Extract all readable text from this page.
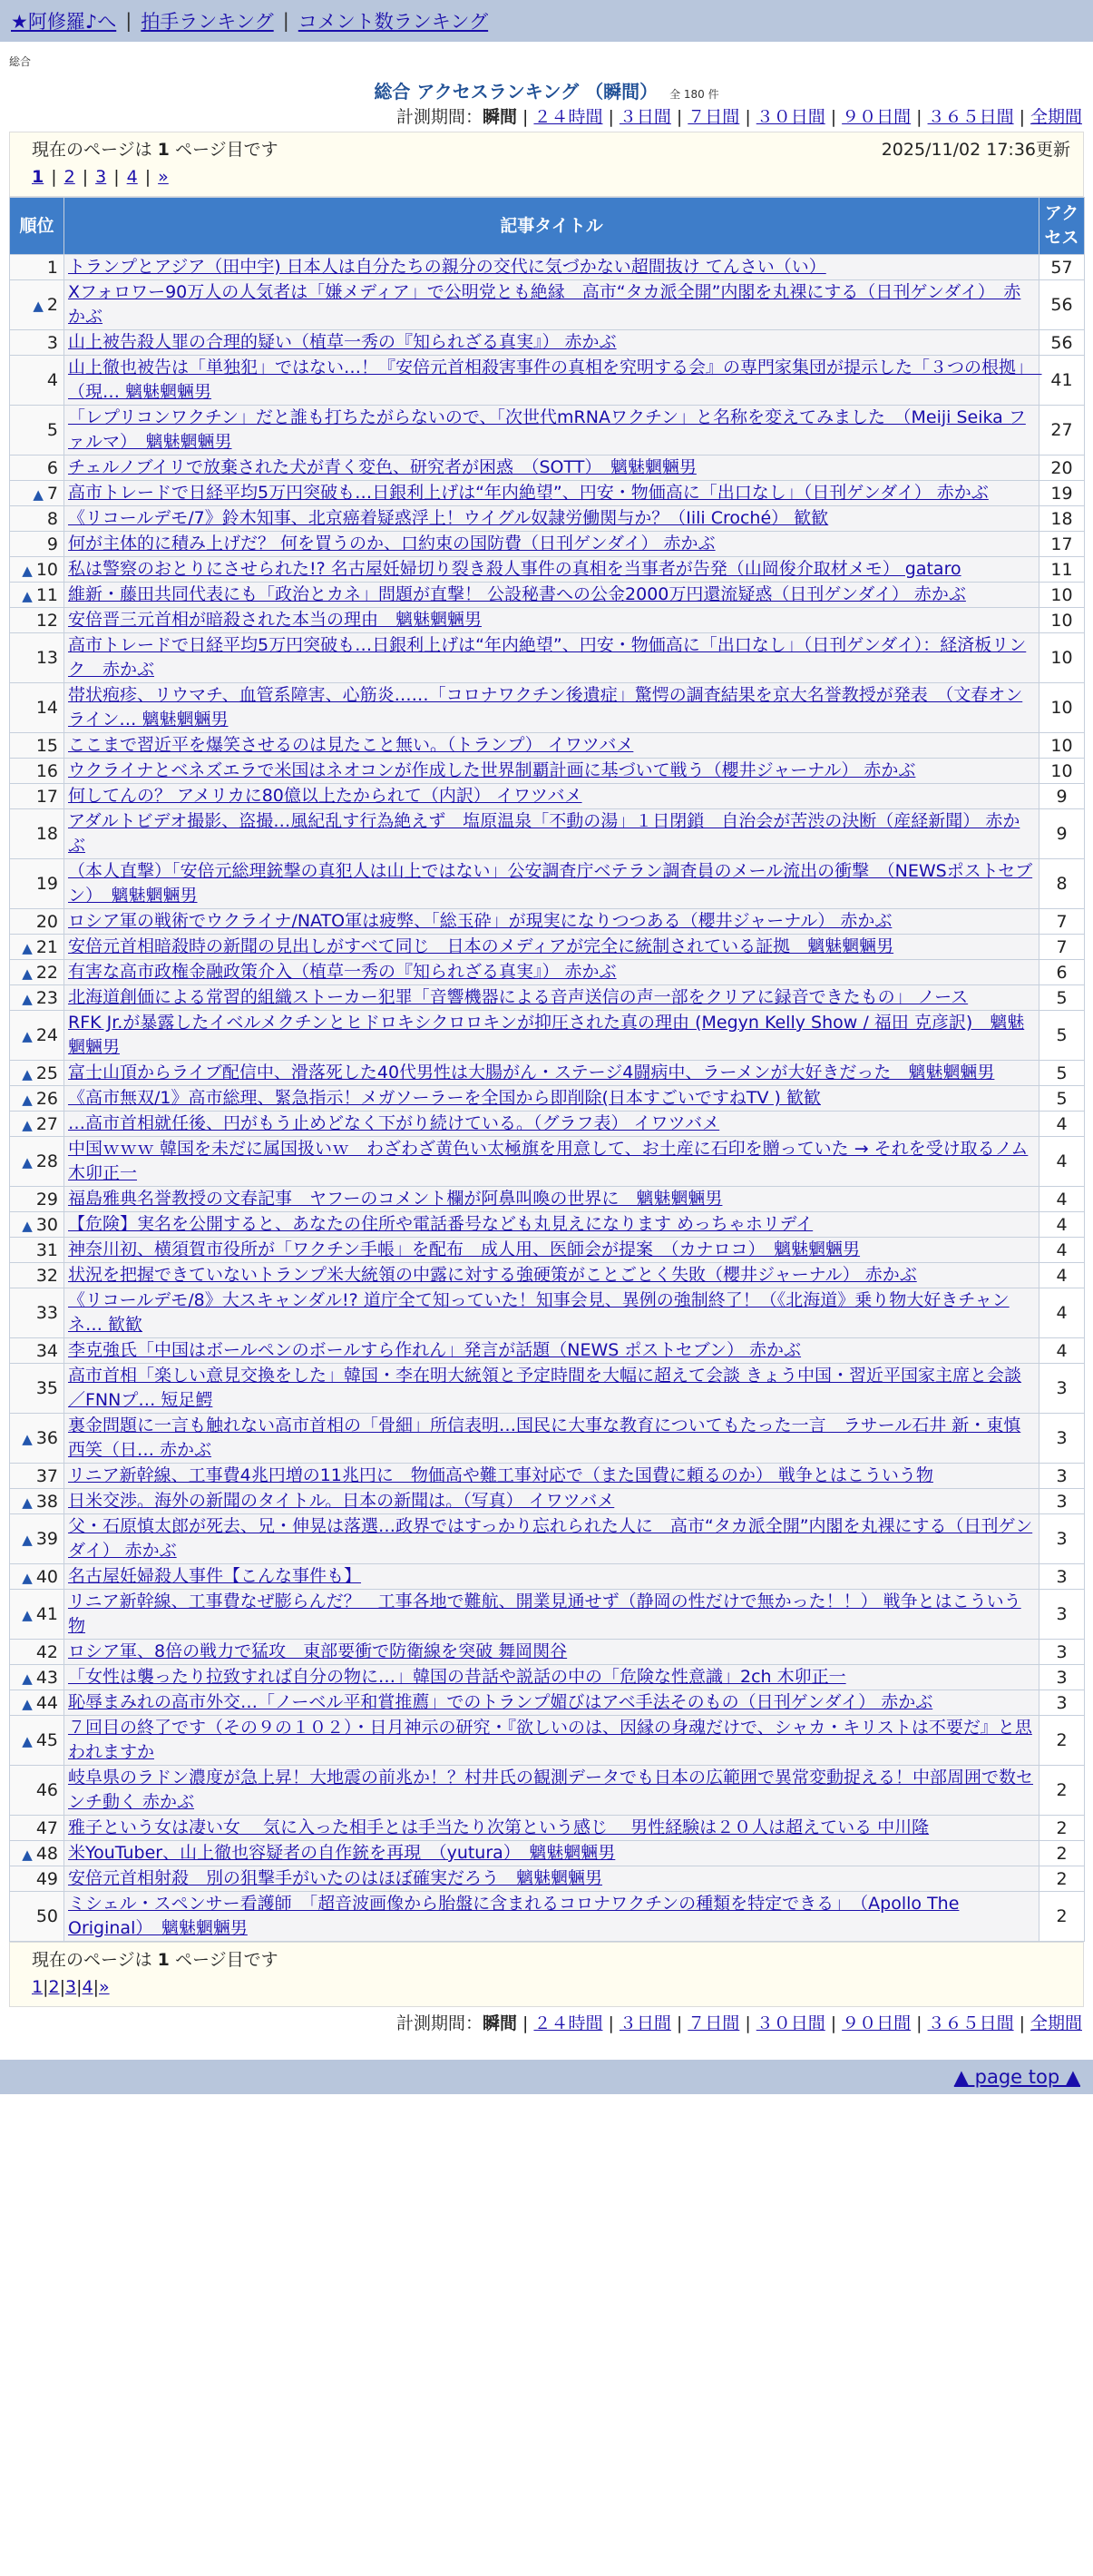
★阿修羅♪へ | 拍手ランキング | コメント数ランキング
総合
総合 アクセスランキング （瞬間） 全 180 件
計測期間：瞬間 | ２４時間 | ３日間 | ７日間 | ３０日間 | ９０日間 | ３６５日間 | 全期間
現在のページは 1 ページ目です	2025/11/02 17:36更新
1 | 2 | 3 | 4 | »
順位	記事タイトル	アクセス

1	トランプとアジア（田中宇) 日本人は自分たちの親分の交代に気づかない超間抜け てんさい（い）	57
▲ 2	Xフォロワー90万人の人気者は「嫌メディア」で公明党とも絶縁　高市“タカ派全開”内閣を丸裸にする（日刊ゲンダイ）　赤かぶ	56
3	山上被告殺人罪の合理的疑い（植草一秀の『知られざる真実』） 赤かぶ	56
4	山上徹也被告は「単独犯」ではない…！『安倍元首相殺害事件の真相を究明する会』の専門家集団が提示した「３つの根拠」　（現… 魑魅魍魎男	41
5	「レプリコンワクチン」だと誰も打ちたがらないので、「次世代mRNAワクチン」と名称を変えてみました　（Meiji Seika ファルマ）　魑魅魍魎男	27
6	チェルノブイリで放棄された犬が青く変色、研究者が困惑　（SOTT）　魑魅魍魎男	20
▲ 7	高市トレードで日経平均5万円突破も…日銀利上げは“年内絶望”、円安・物価高に「出口なし」（日刊ゲンダイ） 赤かぶ	19
8	《リコールデモ/7》鈴木知事、北京癌着疑惑浮上！ウイグル奴隷労働関与か？（Iili Croché） 歓歓	18
9	何が主体的に積み上げだ？ 何を買うのか、口約束の国防費（日刊ゲンダイ） 赤かぶ	17
▲ 10	私は警察のおとりにさせられた!? 名古屋妊婦切り裂き殺人事件の真相を当事者が告発（山岡俊介取材メモ） gataro	11
▲ 11	維新・藤田共同代表にも「政治とカネ」問題が直撃！ 公設秘書への公金2000万円還流疑惑（日刊ゲンダイ） 赤かぶ	10
12	安倍晋三元首相が暗殺された本当の理由　魑魅魍魎男	10
13	高市トレードで日経平均5万円突破も…日銀利上げは“年内絶望”、円安・物価高に「出口なし」（日刊ゲンダイ）：経済板リンク　赤かぶ	10
14	帯状疱疹、リウマチ、血管系障害、心筋炎……「コロナワクチン後遺症」驚愕の調査結果を京大名誉教授が発表　（文春オンライン… 魑魅魍魎男	10
15	ここまで習近平を爆笑させるのは見たこと無い。（トランプ） イワツバメ	10
16	ウクライナとベネズエラで米国はネオコンが作成した世界制覇計画に基づいて戦う（櫻井ジャーナル） 赤かぶ	10
17	何してんの？ アメリカに80億以上たかられて（内訳） イワツバメ	9
18	アダルトビデオ撮影、盗撮…風紀乱す行為絶えず　塩原温泉「不動の湯」１日閉鎖　自治会が苦渋の決断（産経新聞） 赤かぶ	9
19	（本人直撃）「安倍元総理銃撃の真犯人は山上ではない」公安調査庁ベテラン調査員のメール流出の衝撃　（NEWSポストセブン）　魑魅魍魎男	8
20	ロシア軍の戦術でウクライナ/NATO軍は疲弊、「総玉砕」が現実になりつつある（櫻井ジャーナル） 赤かぶ	7
▲ 21	安倍元首相暗殺時の新聞の見出しがすべて同じ　日本のメディアが完全に統制されている証拠　魑魅魍魎男	7
▲ 22	有害な高市政権金融政策介入（植草一秀の『知られざる真実』） 赤かぶ	6
▲ 23	北海道創価による常習的組織ストーカー犯罪「音響機器による音声送信の声一部をクリアに録音できたもの」 ノース	5
▲ 24	RFK Jr.が暴露したイベルメクチンとヒドロキシクロロキンが抑圧された真の理由 (Megyn Kelly Show / 福田 克彦訳)　魑魅魍魎男	5
▲ 25	富士山頂からライブ配信中、滑落死した40代男性は大腸がん・ステージ4闘病中、ラーメンが大好きだった　魑魅魍魎男	5
▲ 26	《高市無双/1》高市総理、緊急指示！メガソーラーを全国から即削除(日本すごいですねTV ) 歓歓	5
▲ 27	…高市首相就任後、円がもう止めどなく下がり続けている。（グラフ表） イワツバメ	4
▲ 28	中国ｗｗｗ 韓国を未だに属国扱いｗ　わざわざ黄色い太極旗を用意して、お土産に石印を贈っていた → それを受け取るノム 木卯正一	4
29	福島雅典名誉教授の文春記事　ヤフーのコメント欄が阿鼻叫喚の世界に　魑魅魍魎男	4
▲ 30	【危険】実名を公開すると、あなたの住所や電話番号なども丸見えになります めっちゃホリデイ	4
31	神奈川初、横須賀市役所が「ワクチン手帳」を配布　成人用、医師会が提案　（カナロコ）　魑魅魍魎男	4
32	状況を把握できていないトランプ米大統領の中露に対する強硬策がことごとく失敗（櫻井ジャーナル） 赤かぶ	4
33	《リコールデモ/8》大スキャンダル!? 道庁全て知っていた！知事会見、異例の強制終了！（《北海道》乗り物大好きチャンネ… 歓歓	4
34	李克強氏「中国はボールペンのボールすら作れん」発言が話題（NEWS ポストセブン） 赤かぶ	4
35	高市首相「楽しい意見交換をした」韓国・李在明大統領と予定時間を大幅に超えて会談 きょう中国・習近平国家主席と会談／FNNプ… 短足鰐	3
▲ 36	裏金問題に一言も触れない高市首相の「骨細」所信表明…国民に大事な教育についてもたった一言　ラサール石井 新・東慎西笑（日… 赤かぶ	3
37	リニア新幹線、工事費4兆円増の11兆円に　物価高や難工事対応で（また国費に頼るのか） 戦争とはこういう物	3
▲ 38	日米交渉。海外の新聞のタイトル。日本の新聞は。（写真） イワツバメ	3
▲ 39	父・石原慎太郎が死去、兄・伸晃は落選…政界ではすっかり忘れられた人に　高市“タカ派全開”内閣を丸裸にする（日刊ゲンダイ） 赤かぶ	3
▲ 40	名古屋妊婦殺人事件【こんな事件も】	3
▲ 41	リニア新幹線、工事費なぜ膨らんだ？　工事各地で難航、開業見通せず（静岡の性だけで無かった！！） 戦争とはこういう物	3
42	ロシア軍、8倍の戦力で猛攻　東部要衝で防衛線を突破 舞岡関谷	3
▲ 43	「女性は襲ったり拉致すれば自分の物に…」韓国の昔話や説話の中の「危険な性意識」2ch 木卯正一	3
▲ 44	恥辱まみれの高市外交…「ノーベル平和賞推薦」でのトランプ媚びはアベ手法そのもの（日刊ゲンダイ） 赤かぶ	3
▲ 45	７回目の終了です（その９の１０２）・日月神示の研究・『欲しいのは、因縁の身魂だけで、シャカ・キリストは不要だ』と思われますか	2
46	岐阜県のラドン濃度が急上昇！大地震の前兆か！？村井氏の観測データでも日本の広範囲で異常変動捉える！中部周囲で数センチ動く 赤かぶ	2
47	雅子という女は凄い女　 気に入った相手とは手当たり次第という感じ　 男性経験は２０人は超えている 中川隆	2
▲ 48	米YouTuber、山上徹也容疑者の自作銃を再現　（yutura）　魑魅魍魎男	2
49	安倍元首相射殺　別の狙撃手がいたのはほぼ確実だろう　魑魅魍魎男	2
50	ミシェル・スペンサー看護師　「超音波画像から胎盤に含まれるコロナワクチンの種類を特定できる」　（Apollo The Original）　魑魅魍魎男	2
現在のページは 1 ページ目です
1|2|3|4|»
計測期間：瞬間 | ２４時間 | ３日間 | ７日間 | ３０日間 | ９０日間 | ３６５日間 | 全期間
▲ page top ▲
